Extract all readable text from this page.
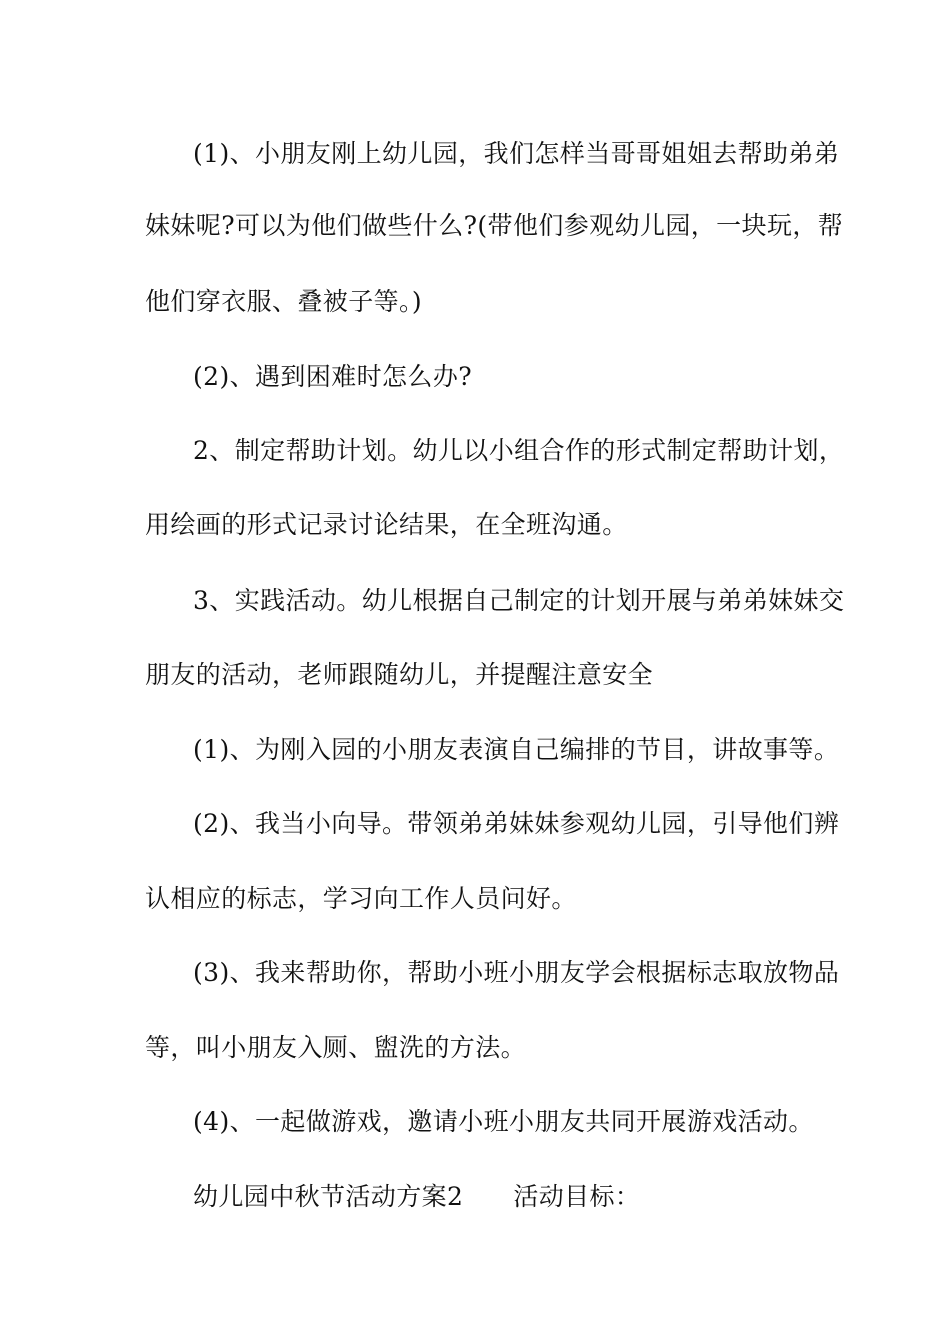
(1)、小朋友刚上幼儿园，我们怎样当哥哥姐姐去帮助弟弟
妹妹呢?可以为他们做些什么?(带他们参观幼儿园，一块玩，帮
他们穿衣服、叠被子等。)
(2)、遇到困难时怎么办?
2、制定帮助计划。幼儿以小组合作的形式制定帮助计划，
用绘画的形式记录讨论结果，在全班沟通。
3、实践活动。幼儿根据自己制定的计划开展与弟弟妹妹交
朋友的活动，老师跟随幼儿，并提醒注意安全
(1)、为刚入园的小朋友表演自己编排的节目，讲故事等。
(2)、我当小向导。带领弟弟妹妹参观幼儿园，引导他们辨
认相应的标志，学习向工作人员问好。
(3)、我来帮助你，帮助小班小朋友学会根据标志取放物品
等，叫小朋友入厕、盥洗的方法。
(4)、一起做游戏，邀请小班小朋友共同开展游戏活动。
幼儿园中秋节活动方案2 活动目标：
